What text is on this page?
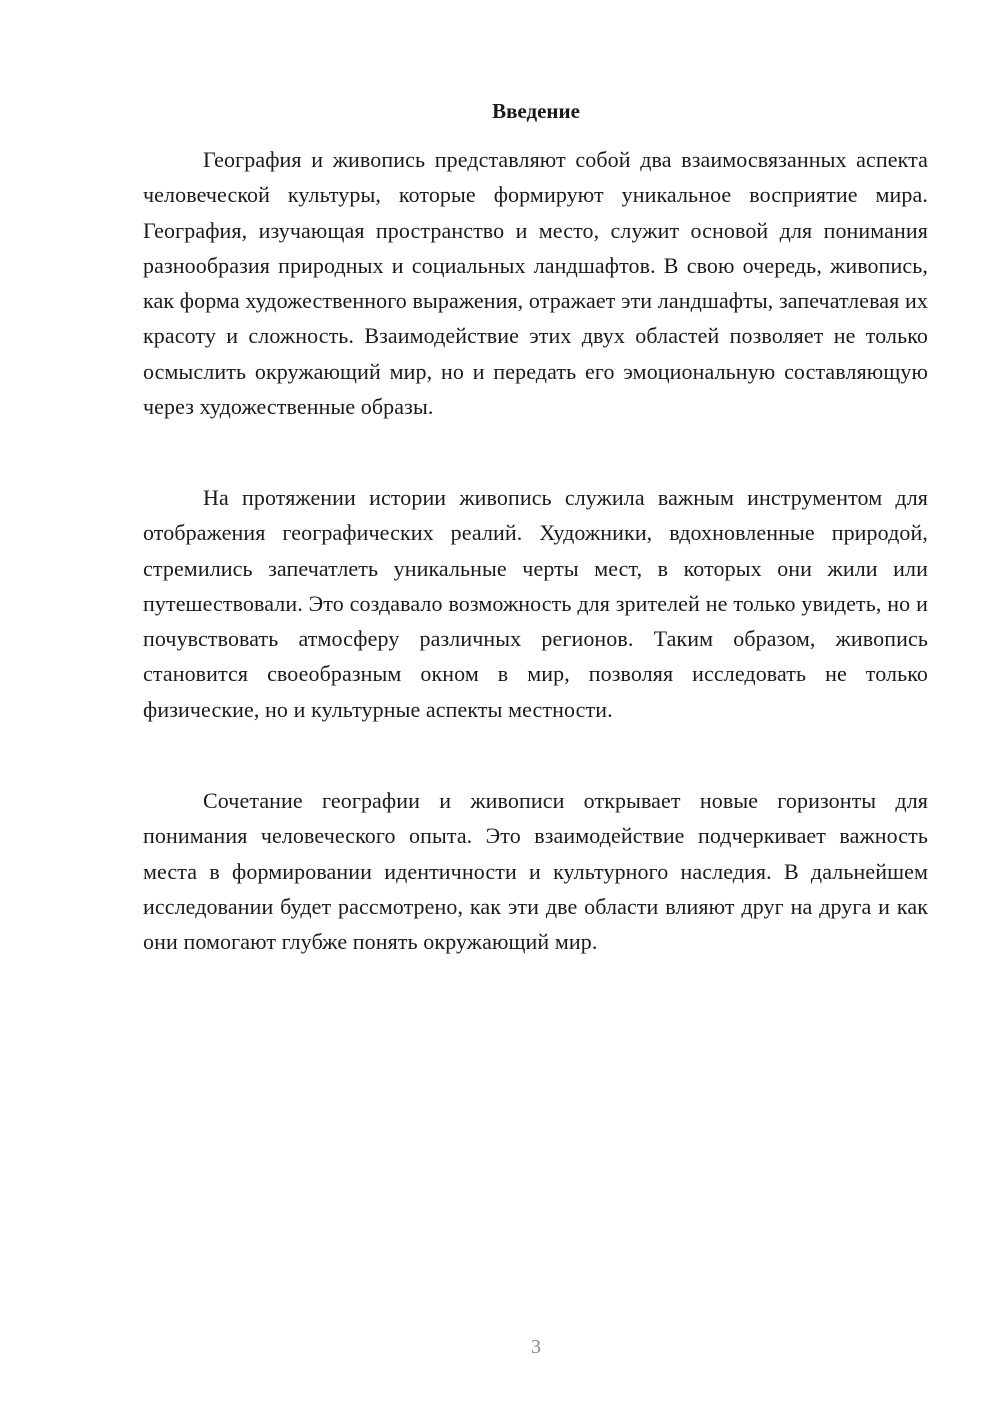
Введение

География и живопись представляют собой два взаимосвязанных аспекта человеческой культуры, которые формируют уникальное восприятие мира. География, изучающая пространство и место, служит основой для понимания разнообразия природных и социальных ландшафтов. В свою очередь, живопись, как форма художественного выражения, отражает эти ландшафты, запечатлевая их красоту и сложность. Взаимодействие этих двух областей позволяет не только осмыслить окружающий мир, но и передать его эмоциональную составляющую через художественные образы.

На протяжении истории живопись служила важным инструментом для отображения географических реалий. Художники, вдохновленные природой, стремились запечатлеть уникальные черты мест, в которых они жили или путешествовали. Это создавало возможность для зрителей не только увидеть, но и почувствовать атмосферу различных регионов. Таким образом, живопись становится своеобразным окном в мир, позволяя исследовать не только физические, но и культурные аспекты местности.

Сочетание географии и живописи открывает новые горизонты для понимания человеческого опыта. Это взаимодействие подчеркивает важность места в формировании идентичности и культурного наследия. В дальнейшем исследовании будет рассмотрено, как эти две области влияют друг на друга и как они помогают глубже понять окружающий мир.

3
